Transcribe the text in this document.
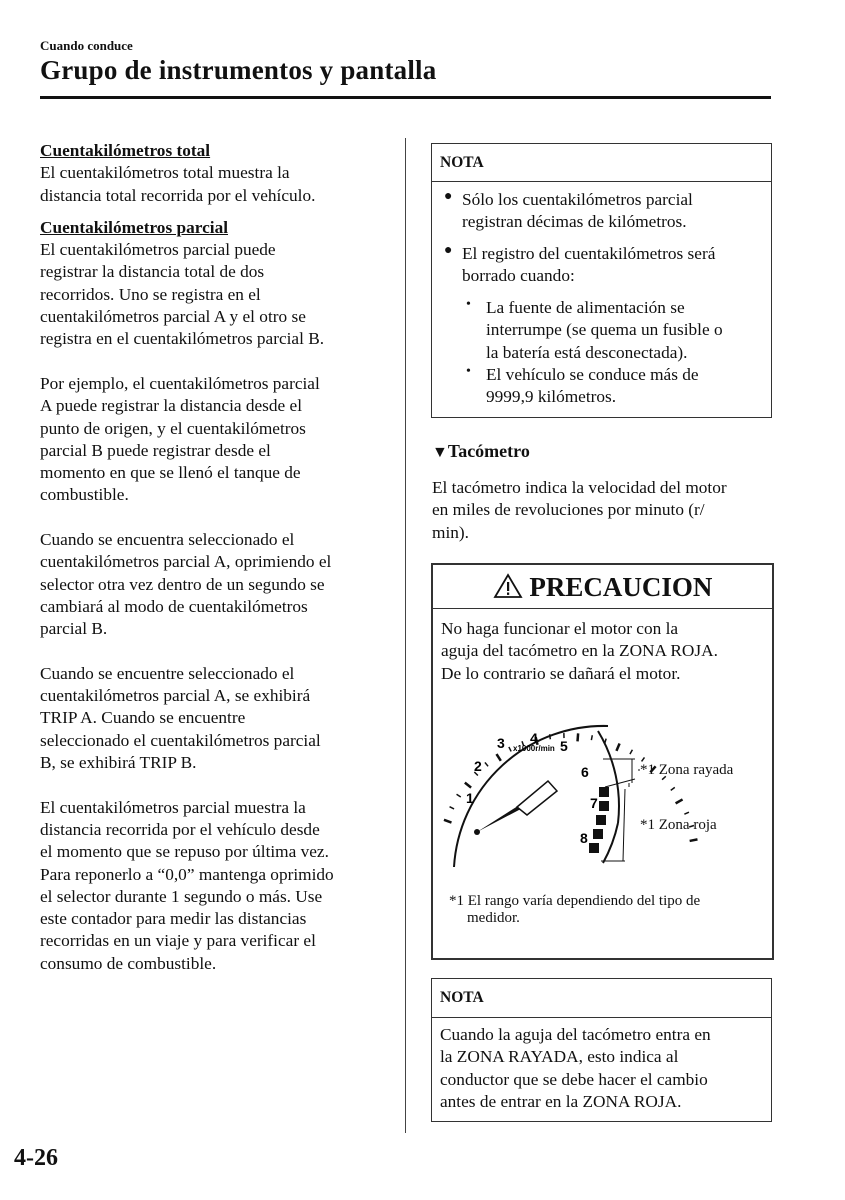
Cuando conduce
Grupo de instrumentos y pantalla
Cuentakilómetros total

El cuentakilómetros total muestra la
distancia total recorrida por el vehículo.

Cuentakilómetros parcial

El cuentakilómetros parcial puede
registrar la distancia total de dos
recorridos. Uno se registra en el
cuentakilómetros parcial A y el otro se
registra en el cuentakilómetros parcial B.

Por ejemplo, el cuentakilómetros parcial
A puede registrar la distancia desde el
punto de origen, y el cuentakilómetros
parcial B puede registrar desde el
momento en que se llenó el tanque de
combustible.

Cuando se encuentra seleccionado el
cuentakilómetros parcial A, oprimiendo el
selector otra vez dentro de un segundo se
cambiará al modo de cuentakilómetros
parcial B.

Cuando se encuentre seleccionado el
cuentakilómetros parcial A, se exhibirá
TRIP A. Cuando se encuentre
seleccionado el cuentakilómetros parcial
B, se exhibirá TRIP B.

El cuentakilómetros parcial muestra la
distancia recorrida por el vehículo desde
el momento que se repuso por última vez.
Para reponerlo a “0,0” mantenga oprimido
el selector durante 1 segundo o más. Use
este contador para medir las distancias
recorridas en un viaje y para verificar el
consumo de combustible.

NOTA
● Sólo los cuentakilómetros parcial
registran décimas de kilómetros.
● El registro del cuentakilómetros será
borrado cuando:
• La fuente de alimentación se
interrumpe (se quema un fusible o
la batería está desconectada).
• El vehículo se conduce más de
9999,9 kilómetros.
▼Tacómetro
El tacómetro indica la velocidad del motor
en miles de revoluciones por minuto (r/
min).
PRECAUCION
No haga funcionar el motor con la
aguja del tacómetro en la ZONA ROJA.
De lo contrario se dañará el motor.
1
2
3 4 5
6
7
8
x1000r/min
*1 Zona rayada
*1 Zona roja
*1 El rango varía dependiendo del tipo de
medidor.
NOTA
Cuando la aguja del tacómetro entra en
la ZONA RAYADA, esto indica al
conductor que se debe hacer el cambio
antes de entrar en la ZONA ROJA.
4-26
